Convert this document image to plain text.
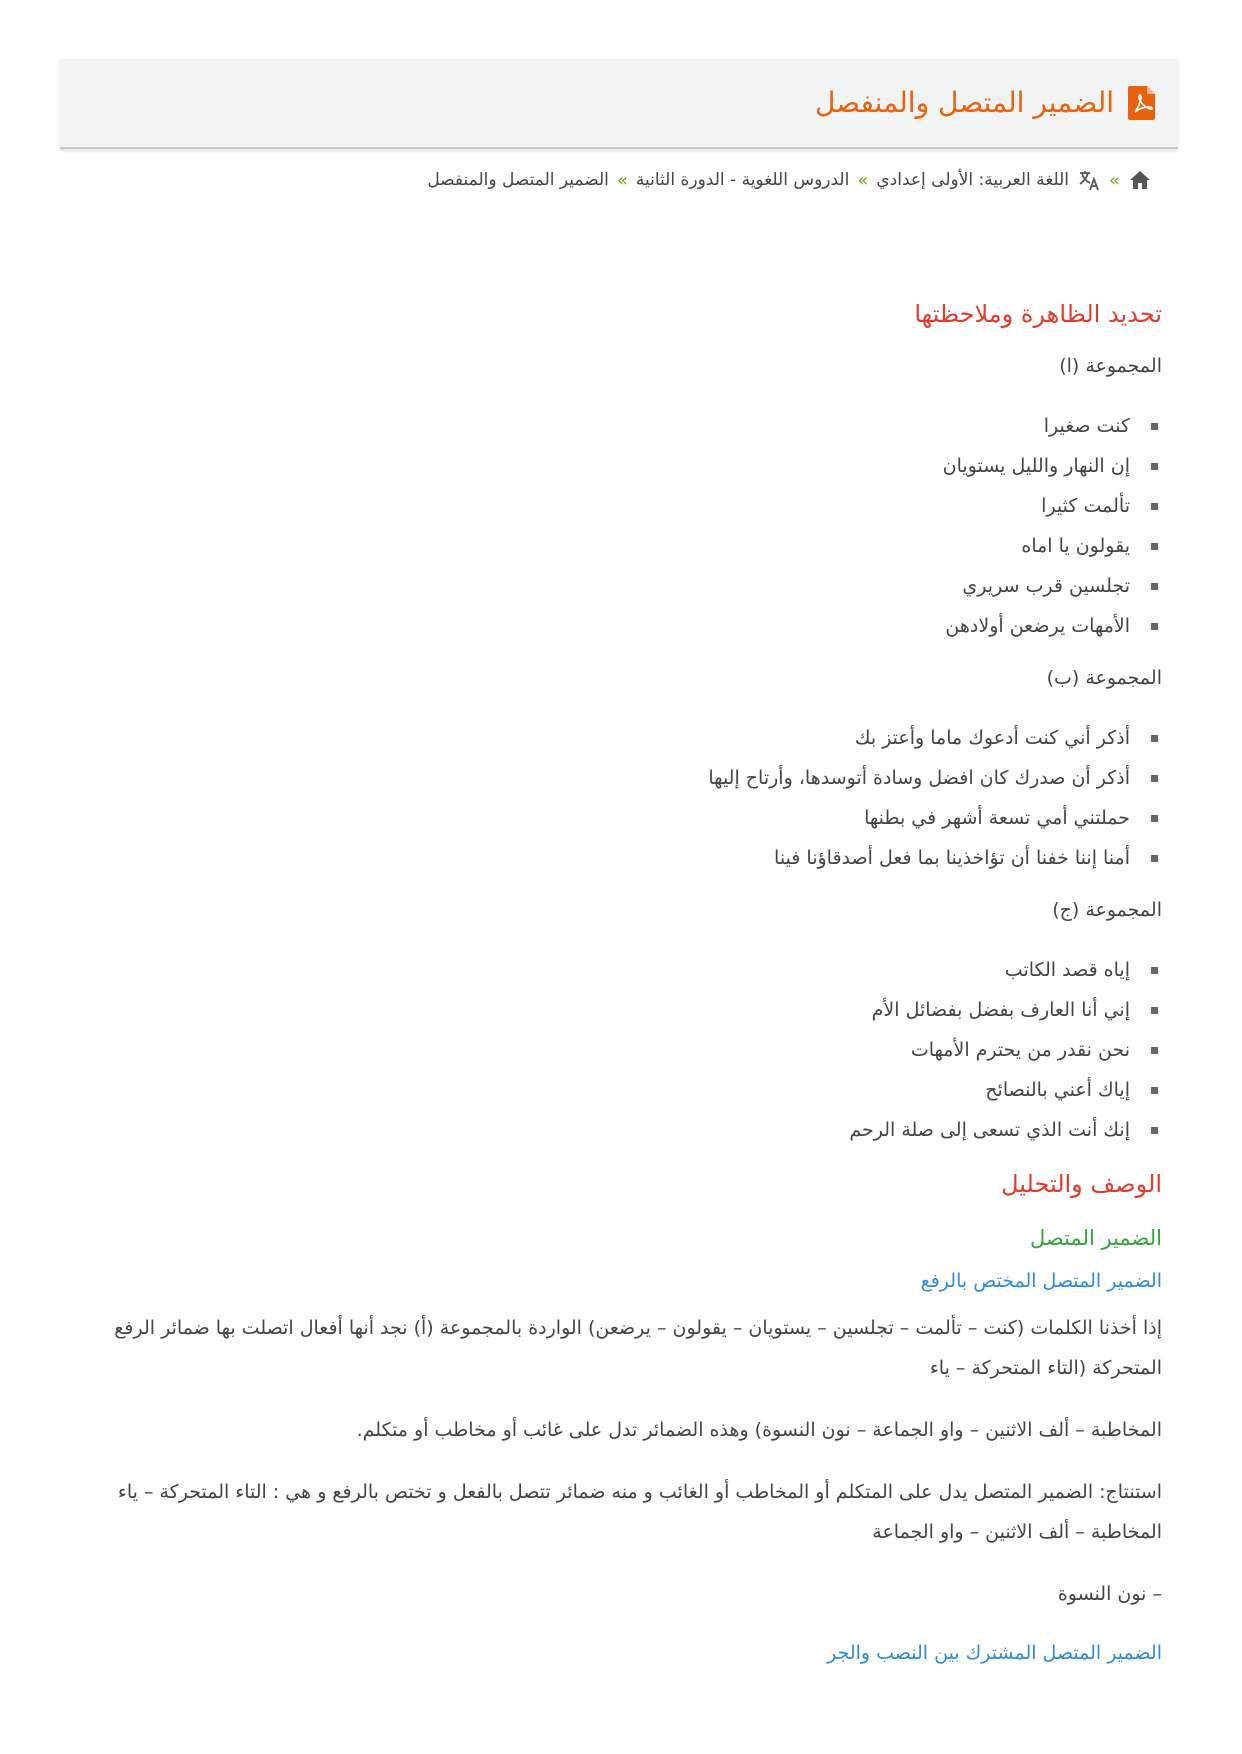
الضمير المتصل والمنفصل
»
اللغة العربية: الأولى إعدادي
»
الدروس اللغوية - الدورة الثانية
»
الضمير المتصل والمنفصل
تحديد الظاهرة وملاحظتها
المجموعة (ا)
كنت صغيرا
إن النهار والليل يستويان
تألمت كثيرا
يقولون يا اماه
تجلسين قرب سريري
الأمهات يرضعن أولادهن
المجموعة (ب)
أذكر أني كنت أدعوك ماما وأعتز بك
أذكر أن صدرك كان افضل وسادة أتوسدها، وأرتاح إليها
حملتني أمي تسعة أشهر في بطنها
أمنا إننا خفنا أن تؤاخذينا بما فعل أصدقاؤنا فينا
المجموعة (ج)
إياه قصد الكاتب
إني أنا العارف بفضل بفضائل الأم
نحن نقدر من يحترم الأمهات
إياك أعني بالنصائح
إنك أنت الذي تسعى إلى صلة الرحم
الوصف والتحليل
الضمير المتصل
الضمير المتصل المختص بالرفع

إذا أخذنا الكلمات (كنت – تألمت – تجلسين – يستويان – يقولون – يرضعن) الواردة بالمجموعة (أ) نجد أنها أفعال اتصلت بها ضمائر الرفع المتحركة (التاء المتحركة – ياء

المخاطبة – ألف الاثنين – واو الجماعة – نون النسوة) وهذه الضمائر تدل على غائب أو مخاطب أو متكلم.

استنتاج: الضمير المتصل يدل على المتكلم أو المخاطب أو الغائب و منه ضمائر تتصل بالفعل و تختص بالرفع و هي : التاء المتحركة – ياء المخاطبة – ألف الاثنين – واو الجماعة

– نون النسوة

الضمير المتصل المشترك بين النصب والجر
